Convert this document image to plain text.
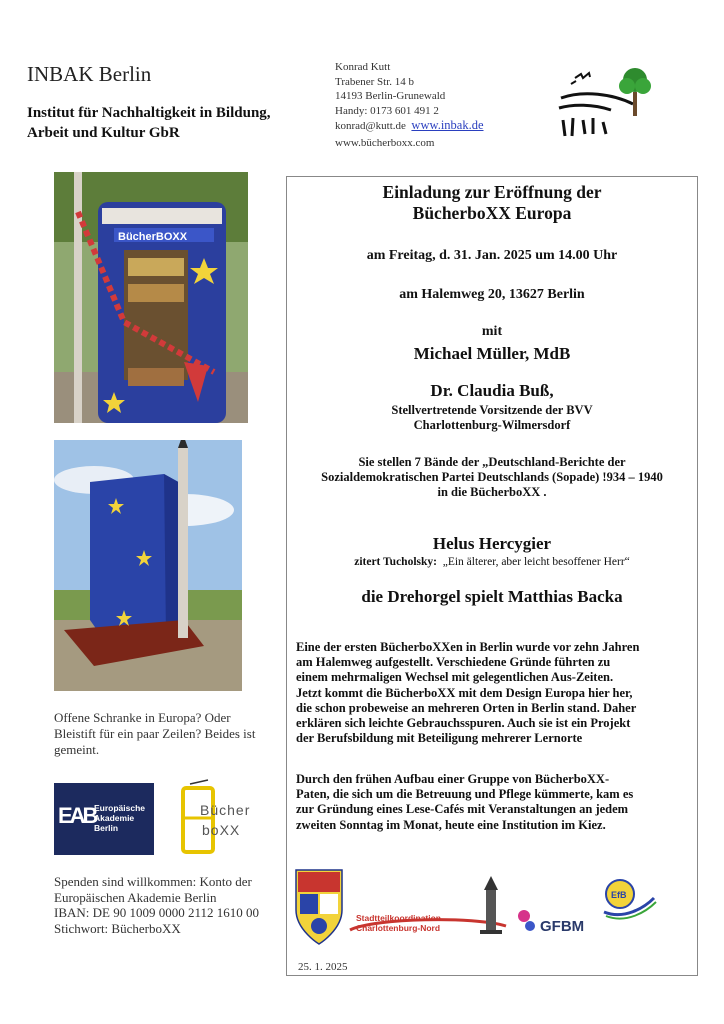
INBAK Berlin
Institut für Nachhaltigkeit in Bildung,
Arbeit und Kultur GbR
Konrad Kutt
Trabener Str. 14 b
14193 Berlin-Grunewald
Handy: 0173 601 491 2
konrad@kutt.de www.inbak.de
www.bücherboxx.com
BücherBOXX
Offene Schranke in Europa? Oder Bleistift für ein paar Zeilen? Beides ist gemeint.
EAB
Europäische
Akademie
Berlin
Bücher
boXX
Spenden sind willkommen: Konto der
Europäischen Akademie Berlin
IBAN: DE 90 1009 0000 2112 1610 00
Stichwort: BücherboXX
Einladung zur Eröffnung der
BücherboXX Europa
am Freitag, d. 31. Jan. 2025 um 14.00 Uhr
am Halemweg 20, 13627 Berlin
mit
Michael Müller, MdB
Dr. Claudia Buß,
Stellvertretende Vorsitzende der BVV
Charlottenburg-Wilmersdorf
Sie stellen 7 Bände der „Deutschland-Berichte der
Sozialdemokratischen Partei Deutschlands (Sopade) !934 – 1940
in die BücherboXX .
Helus Hercygier
zitert Tucholsky: „Ein älterer, aber leicht besoffener Herr“
die Drehorgel spielt Matthias Backa
Eine der ersten BücherboXXen in Berlin wurde vor zehn Jahren
am Halemweg aufgestellt. Verschiedene Gründe führten zu
einem mehrmaligen Wechsel mit gelegentlichen Aus-Zeiten.
Jetzt kommt die BücherboXX mit dem Design Europa hier her,
die schon probeweise an mehreren Orten in Berlin stand. Daher
erklären sich leichte Gebrauchsspuren. Auch sie ist ein Projekt
der Berufsbildung mit Beteiligung mehrerer Lernorte
Durch den frühen Aufbau einer Gruppe von BücherboXX-
Paten, die sich um die Betreuung und Pflege kümmerte, kam es
zur Gründung eines Lese-Cafés mit Veranstaltungen an jedem
zweiten Sonntag im Monat, heute eine Institution im Kiez.
Stadtteilkoordination
Charlottenburg-Nord	GFBM
EfB
25. 1. 2025
